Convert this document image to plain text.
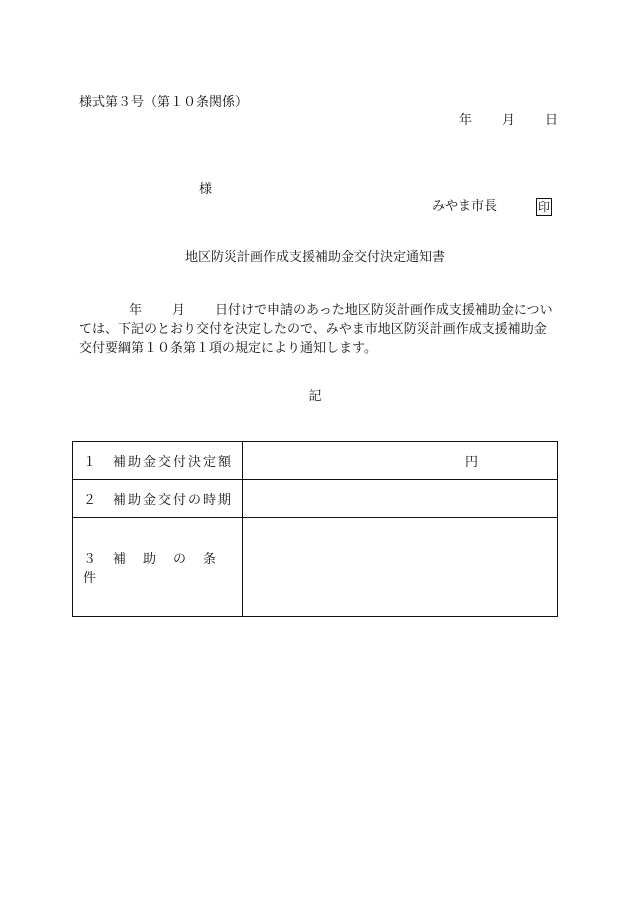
様式第３号（第１０条関係）
年 月 日
様
みやま市長	印
地区防災計画作成支援補助金交付決定通知書
年 月 日付けで申請のあった地区防災計画作成支援補助金については、下記のとおり交付を決定したので、みやま市地区防災計画作成支援補助金交付要綱第１０条第１項の規定により通知します。
記
１　補助金交付決定額	円

２　補助金交付の時期	
３　補　助　の　条　件	
